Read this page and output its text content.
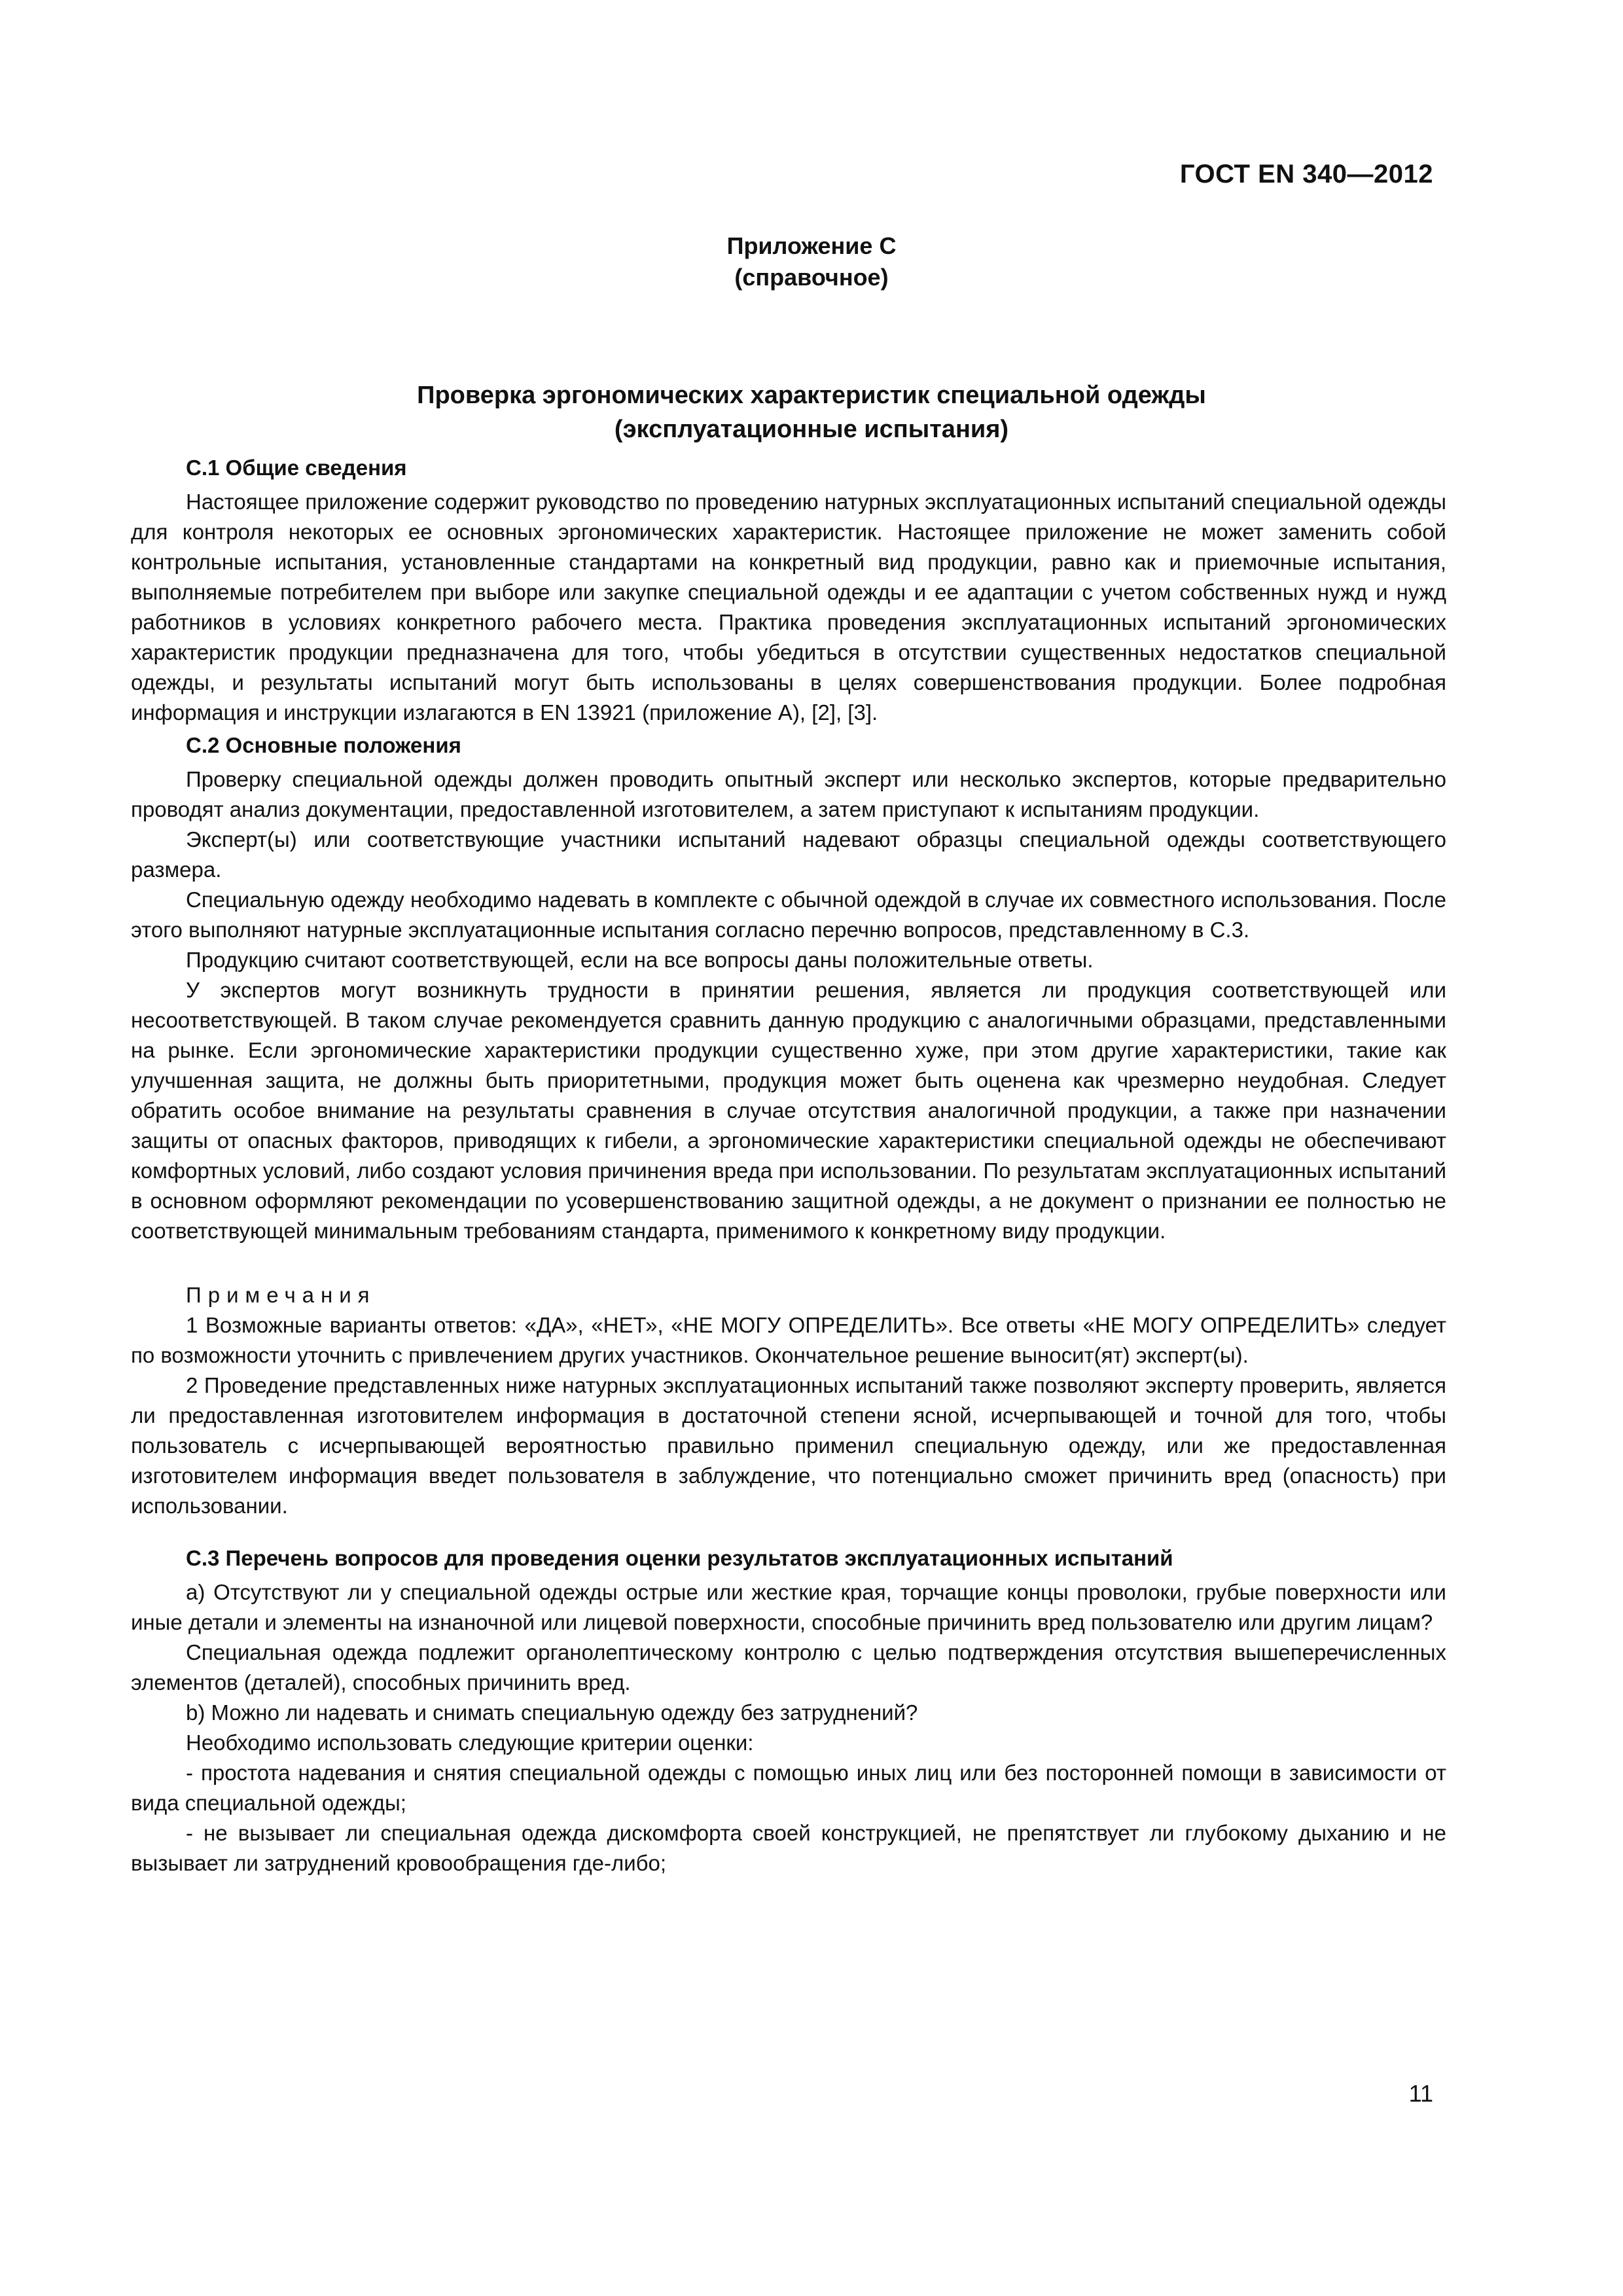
ГОСТ EN 340—2012
Приложение С
(справочное)
Проверка эргономических характеристик специальной одежды
(эксплуатационные испытания)
С.1 Общие сведения

Настоящее приложение содержит руководство по проведению натурных эксплуатационных испытаний специальной одежды для контроля некоторых ее основных эргономических характеристик. Настоящее приложение не может заменить собой контрольные испытания, установленные стандартами на конкретный вид продукции, равно как и приемочные испытания, выполняемые потребителем при выборе или закупке специальной одежды и ее адаптации с учетом собственных нужд и нужд работников в условиях конкретного рабочего места. Практика проведения эксплуатационных испытаний эргономических характеристик продукции предназначена для того, чтобы убедиться в отсутствии существенных недостатков специальной одежды, и результаты испытаний могут быть использованы в целях совершенствования продукции. Более подробная информация и инструкции излагаются в EN 13921 (приложение А), [2], [3].

С.2 Основные положения

Проверку специальной одежды должен проводить опытный эксперт или несколько экспертов, которые предварительно проводят анализ документации, предоставленной изготовителем, а затем приступают к испытаниям продукции.

Эксперт(ы) или соответствующие участники испытаний надевают образцы специальной одежды соответствующего размера.

Специальную одежду необходимо надевать в комплекте с обычной одеждой в случае их совместного использования. После этого выполняют натурные эксплуатационные испытания согласно перечню вопросов, представленному в С.3.

Продукцию считают соответствующей, если на все вопросы даны положительные ответы.

У экспертов могут возникнуть трудности в принятии решения, является ли продукция соответствующей или несоответствующей. В таком случае рекомендуется сравнить данную продукцию с аналогичными образцами, представленными на рынке. Если эргономические характеристики продукции существенно хуже, при этом другие характеристики, такие как улучшенная защита, не должны быть приоритетными, продукция может быть оценена как чрезмерно неудобная. Следует обратить особое внимание на результаты сравнения в случае отсутствия аналогичной продукции, а также при назначении защиты от опасных факторов, приводящих к гибели, а эргономические характеристики специальной одежды не обеспечивают комфортных условий, либо создают условия причинения вреда при использовании. По результатам эксплуатационных испытаний в основном оформляют рекомендации по усовершенствованию защитной одежды, а не документ о признании ее полностью не соответствующей минимальным требованиям стандарта, применимого к конкретному виду продукции.

Примечания

1 Возможные варианты ответов: «ДА», «НЕТ», «НЕ МОГУ ОПРЕДЕЛИТЬ». Все ответы «НЕ МОГУ ОПРЕДЕЛИТЬ» следует по возможности уточнить с привлечением других участников. Окончательное решение выносит(ят) эксперт(ы).

2 Проведение представленных ниже натурных эксплуатационных испытаний также позволяют эксперту проверить, является ли предоставленная изготовителем информация в достаточной степени ясной, исчерпывающей и точной для того, чтобы пользователь с исчерпывающей вероятностью правильно применил специальную одежду, или же предоставленная изготовителем информация введет пользователя в заблуждение, что потенциально сможет причинить вред (опасность) при использовании.

С.3 Перечень вопросов для проведения оценки результатов эксплуатационных испытаний

а) Отсутствуют ли у специальной одежды острые или жесткие края, торчащие концы проволоки, грубые поверхности или иные детали и элементы на изнаночной или лицевой поверхности, способные причинить вред пользователю или другим лицам?

Специальная одежда подлежит органолептическому контролю с целью подтверждения отсутствия вышеперечисленных элементов (деталей), способных причинить вред.

b) Можно ли надевать и снимать специальную одежду без затруднений?

Необходимо использовать следующие критерии оценки:

- простота надевания и снятия специальной одежды с помощью иных лиц или без посторонней помощи в зависимости от вида специальной одежды;

- не вызывает ли специальная одежда дискомфорта своей конструкцией, не препятствует ли глубокому дыханию и не вызывает ли затруднений кровообращения где-либо;

11
